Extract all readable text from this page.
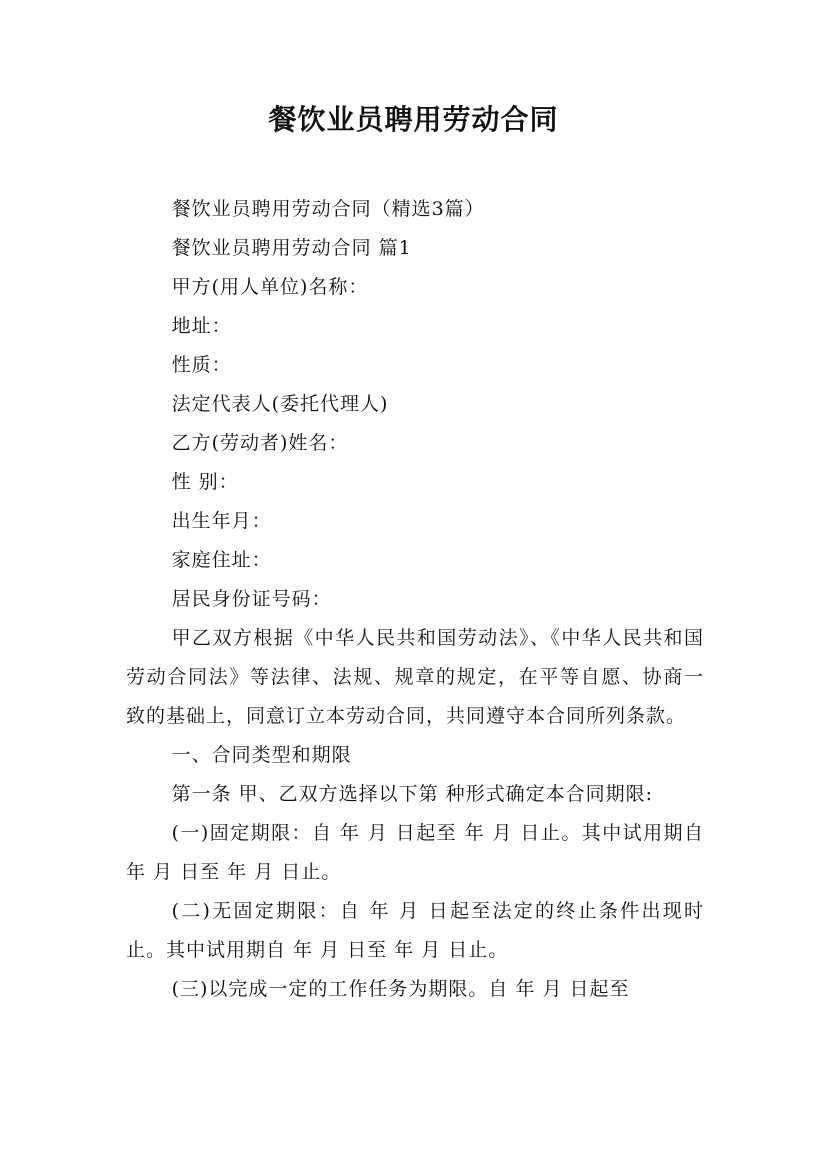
餐饮业员聘用劳动合同

餐饮业员聘用劳动合同（精选3篇）

餐饮业员聘用劳动合同 篇1

甲方(用人单位)名称：

地址：

性质：

法定代表人(委托代理人)

乙方(劳动者)姓名：

性 别：

出生年月：

家庭住址：

居民身份证号码：

甲乙双方根据《中华人民共和国劳动法》、《中华人民共和国劳动合同法》等法律、法规、规章的规定，在平等自愿、协商一致的基础上，同意订立本劳动合同，共同遵守本合同所列条款。

一、合同类型和期限

第一条 甲、乙双方选择以下第 种形式确定本合同期限:

(一)固定期限：自 年 月 日起至 年 月 日止。其中试用期自 年 月 日至 年 月 日止。

(二)无固定期限：自 年 月 日起至法定的终止条件出现时止。其中试用期自 年 月 日至 年 月 日止。

(三)以完成一定的工作任务为期限。自 年 月 日起至
